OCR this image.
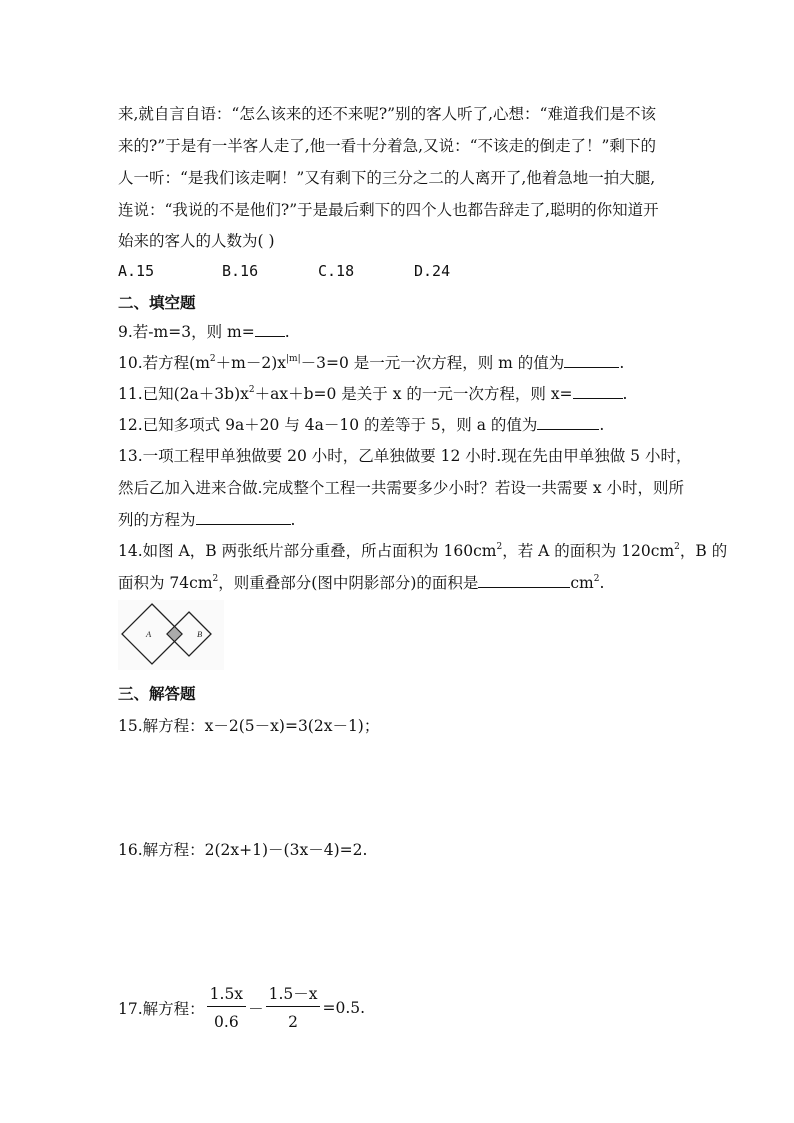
来,就自言自语：“怎么该来的还不来呢?”别的客人听了,心想：“难道我们是不该
来的?”于是有一半客人走了,他一看十分着急,又说：“不该走的倒走了！”剩下的
人一听：“是我们该走啊！”又有剩下的三分之二的人离开了,他着急地一拍大腿,
连说：“我说的不是他们?”于是最后剩下的四个人也都告辞走了,聪明的你知道开
始来的客人的人数为( )
A.15	B.16	C.18	D.24
二、填空题
9.若-m=3，则 m= .
10.若方程$(m^2+m-2)x^{|m|}-3=0$ 是一元一次方程，则 m 的值为	.
11.已知$(2a+3b)x^2+ax+b=0$ 是关于 x 的一元一次方程，则 x=	.
12.已知多项式 9a＋20 与 4a－10 的差等于 5，则 a 的值为	.
13.一项工程甲单独做要 20 小时，乙单独做要 12 小时.现在先由甲单独做 5 小时，
然后乙加入进来合做.完成整个工程一共需要多少小时？若设一共需要 x 小时，则所
列的方程为	.
14.如图 A，B 两张纸片部分重叠，所占面积为 $160cm^2$，若 A 的面积为 $120cm^2$，B 的
面积为 $74cm^2$，则重叠部分(图中阴影部分)的面积是	$cm^2$.
A	B
三、解答题
15.解方程：x－2(5－x)=3(2x－1)；
16.解方程：2(2x+1)－(3x－4)=2.
17.解方程： $\frac{1.5x}{0.6} - \frac{1.5-x}{2} =0.5$.
